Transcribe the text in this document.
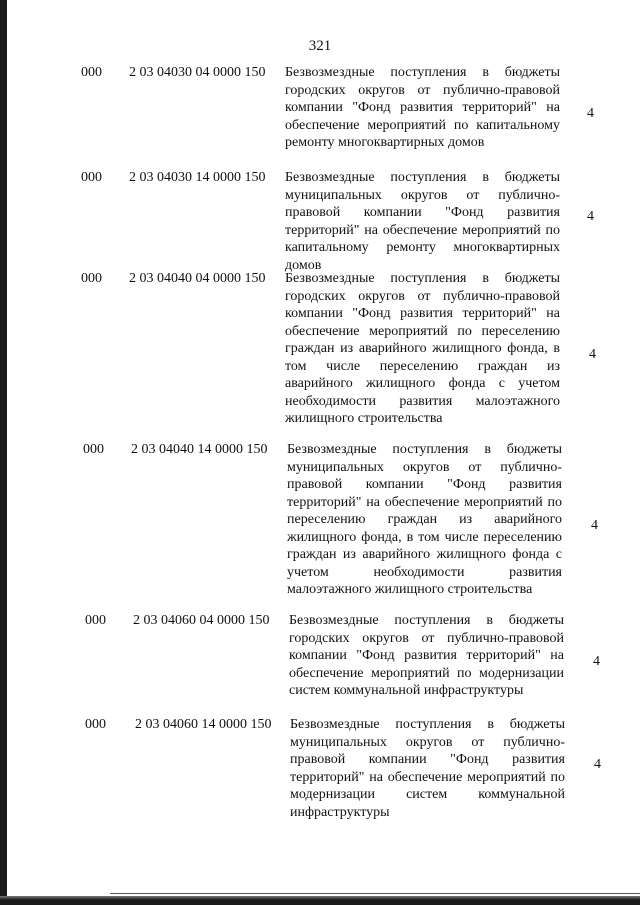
321
000	2 03 04030 04 0000 150 Безвозмездные поступления в бюджеты городских округов от публично-правовой компании "Фонд развития территорий" на обеспечение мероприятий по капитальному ремонту многоквартирных домов
4
000	2 03 04030 14 0000 150 Безвозмездные поступления в бюджеты муниципальных округов от публично-правовой компании "Фонд развития территорий" на обеспечение мероприятий по капитальному ремонту многоквартирных домов
4
000	2 03 04040 04 0000 150 Безвозмездные поступления в бюджеты городских округов от публично-правовой компании "Фонд развития территорий" на обеспечение мероприятий по переселению граждан из аварийного жилищного фонда, в том числе переселению граждан из аварийного жилищного фонда с учетом необходимости развития малоэтажного жилищного строительства
4
000	2 03 04040 14 0000 150 Безвозмездные поступления в бюджеты муниципальных округов от публично-правовой компании "Фонд развития территорий" на обеспечение мероприятий по переселению граждан из аварийного жилищного фонда, в том числе переселению граждан из аварийного жилищного фонда с учетом необходимости развития малоэтажного жилищного строительства
4
000	2 03 04060 04 0000 150 Безвозмездные поступления в бюджеты городских округов от публично-правовой компании "Фонд развития территорий" на обеспечение мероприятий по модернизации систем коммунальной инфраструктуры
4
000	2 03 04060 14 0000 150 Безвозмездные поступления в бюджеты муниципальных округов от публично-правовой компании "Фонд развития территорий" на обеспечение мероприятий по модернизации систем коммунальной инфраструктуры
4
